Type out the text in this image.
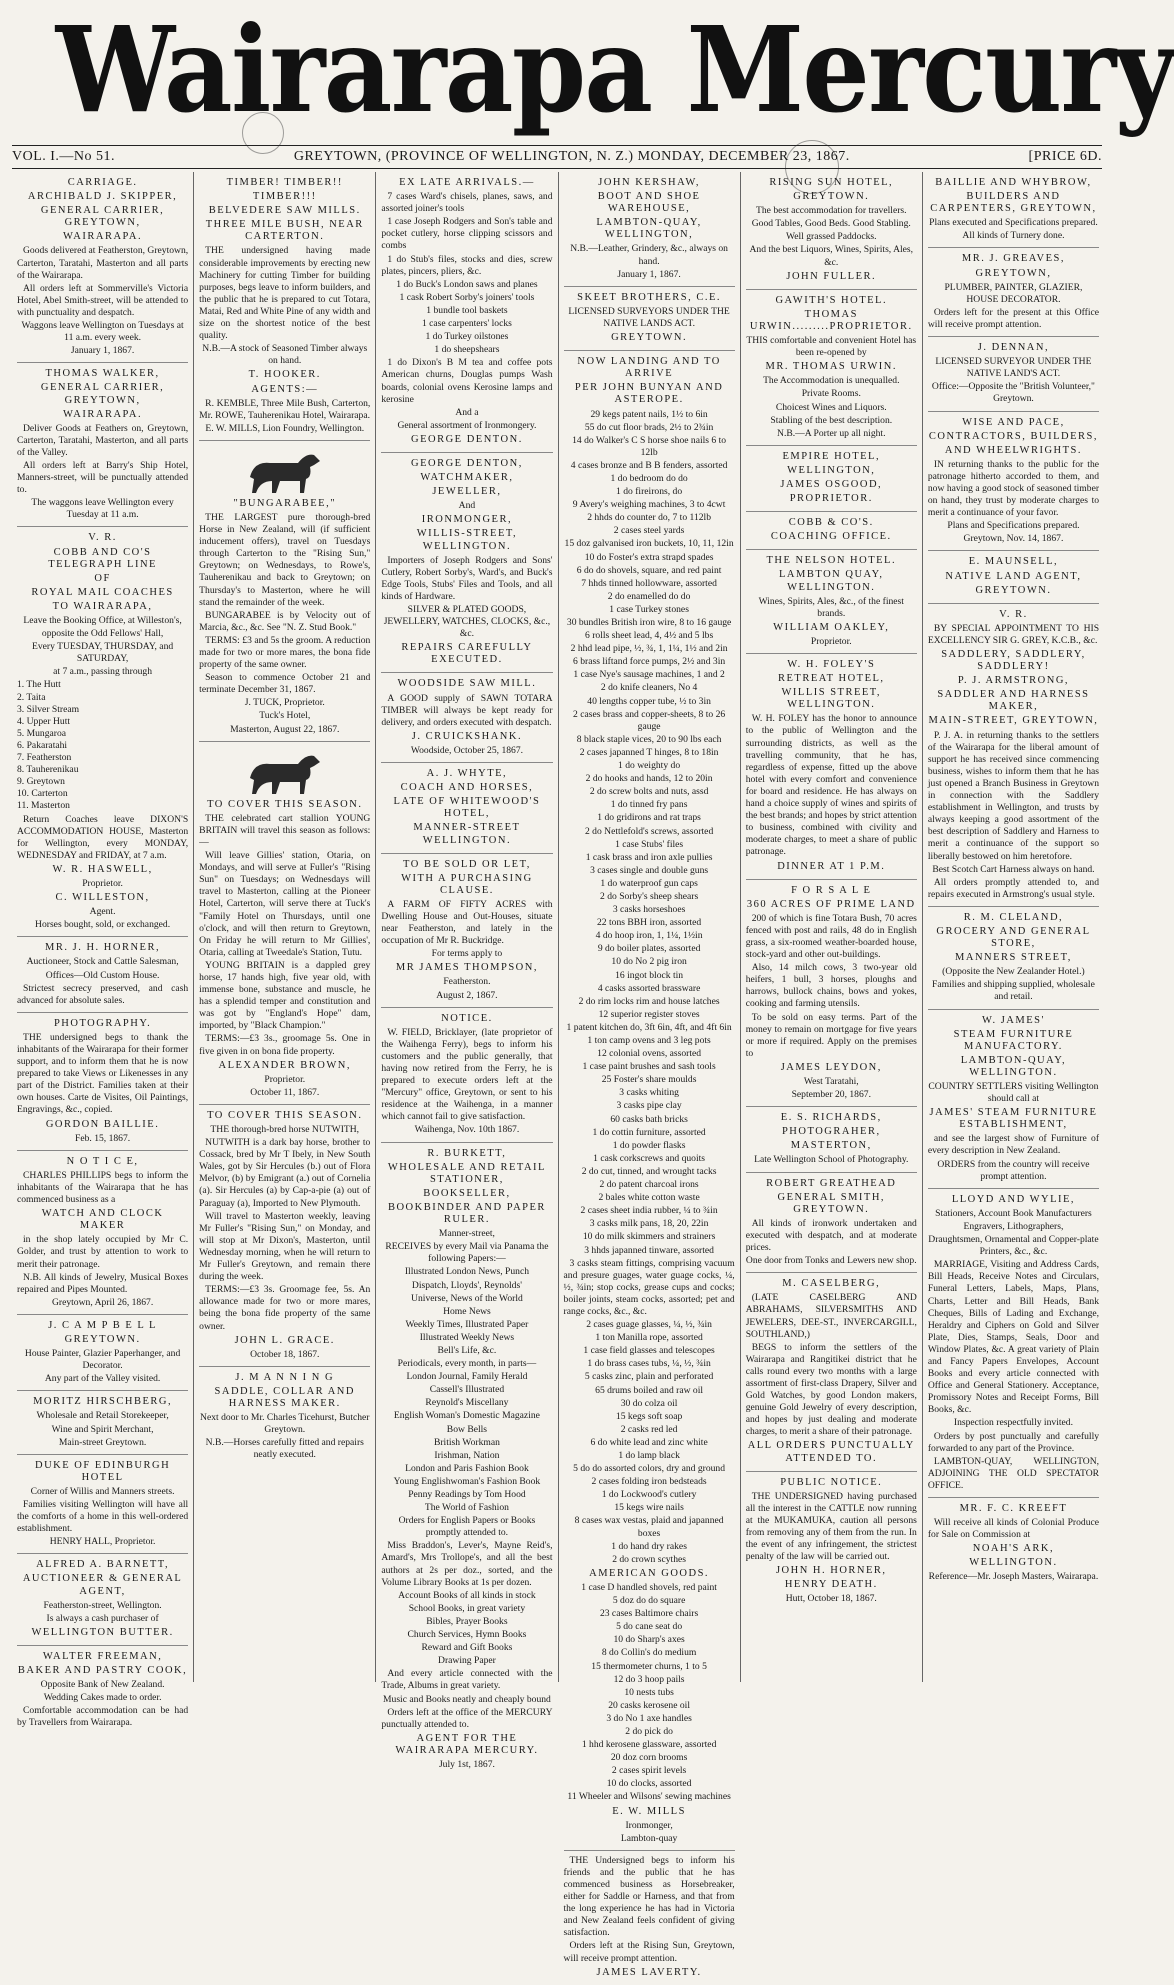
Wairarapa Mercury
VOL. I.—No 51.	GREYTOWN, (PROVINCE OF WELLINGTON, N. Z.) MONDAY, DECEMBER 23, 1867.	[PRICE 6D.
CARRIAGE.
ARCHIBALD J. SKIPPER,
GENERAL CARRIER, GREYTOWN,
WAIRARAPA.
Goods delivered at Featherston, Greytown, Carterton, Taratahi, Masterton and all parts of the Wairarapa.
All orders left at Sommerville's Victoria Hotel, Abel Smith-street, will be attended to with punctuality and despatch.
Waggons leave Wellington on Tuesdays at 11 a.m. every week.
January 1, 1867.
THOMAS WALKER,
GENERAL CARRIER, GREYTOWN,
WAIRARAPA.
Deliver Goods at Feathers on, Greytown, Carterton, Taratahi, Masterton, and all parts of the Valley.
All orders left at Barry's Ship Hotel, Manners-street, will be punctually attended to.
The waggons leave Wellington every Tuesday at 11 a.m.
V. R.
COBB AND CO'S TELEGRAPH LINE
OF
ROYAL MAIL COACHES
TO WAIRARAPA,
Leave the Booking Office, at Willeston's,
opposite the Odd Fellows' Hall,
Every TUESDAY, THURSDAY, and SATURDAY,
at 7 a.m., passing through
1. The Hutt
2. Taita
3. Silver Stream
4. Upper Hutt
5. Mungaroa
6. Pakaratahi
7. Featherston
8. Tauherenikau
9. Greytown
10. Carterton
11. Masterton
Return Coaches leave DIXON'S ACCOMMODATION HOUSE, Masterton for Wellington, every MONDAY, WEDNESDAY and FRIDAY, at 7 a.m.
W. R. HASWELL,
Proprietor.
C. WILLESTON,
Agent.
Horses bought, sold, or exchanged.
MR. J. H. HORNER,
Auctioneer, Stock and Cattle Salesman,
Offices—Old Custom House.
Strictest secrecy preserved, and cash advanced for absolute sales.
PHOTOGRAPHY.
THE undersigned begs to thank the inhabitants of the Wairarapa for their former support, and to inform them that he is now prepared to take Views or Likenesses in any part of the District. Families taken at their own houses. Carte de Visites, Oil Paintings, Engravings, &c., copied.
GORDON BAILLIE.
Feb. 15, 1867.
N O T I C E,
CHARLES PHILLIPS begs to inform the inhabitants of the Wairarapa that he has commenced business as a
WATCH AND CLOCK MAKER
in the shop lately occupied by Mr C. Golder, and trust by attention to work to merit their patronage.
N.B. All kinds of Jewelry, Musical Boxes repaired and Pipes Mounted.
Greytown, April 26, 1867.
J. C A M P B E L L
GREYTOWN.
House Painter, Glazier Paperhanger, and Decorator.
Any part of the Valley visited.
MORITZ HIRSCHBERG,
Wholesale and Retail Storekeeper,
Wine and Spirit Merchant,
Main-street Greytown.
DUKE OF EDINBURGH HOTEL
Corner of Willis and Manners streets.
Families visiting Wellington will have all the comforts of a home in this well-ordered establishment.
HENRY HALL, Proprietor.
ALFRED A. BARNETT,
AUCTIONEER & GENERAL AGENT,
Featherston-street, Wellington.
Is always a cash purchaser of
WELLINGTON BUTTER.
WALTER FREEMAN,
BAKER AND PASTRY COOK,
Opposite Bank of New Zealand.
Wedding Cakes made to order.
Comfortable accommodation can be had by Travellers from Wairarapa.
TIMBER! TIMBER!!
TIMBER!!!
BELVEDERE SAW MILLS.
THREE MILE BUSH, NEAR CARTERTON.
THE undersigned having made considerable improvements by erecting new Machinery for cutting Timber for building purposes, begs leave to inform builders, and the public that he is prepared to cut Totara, Matai, Red and White Pine of any width and size on the shortest notice of the best quality.
N.B.—A stock of Seasoned Timber always on hand.
T. HOOKER.
AGENTS:—
R. KEMBLE, Three Mile Bush, Carterton, Mr. ROWE, Tauherenikau Hotel, Wairarapa.
E. W. MILLS, Lion Foundry, Wellington.
"BUNGARABEE,"
THE LARGEST pure thorough-bred Horse in New Zealand, will (if sufficient inducement offers), travel on Tuesdays through Carterton to the "Rising Sun," Greytown; on Wednesdays, to Rowe's, Tauherenikau and back to Greytown; on Thursday's to Masterton, where he will stand the remainder of the week.
BUNGARABEE is by Velocity out of Marcia, &c., &c. See "N. Z. Stud Book."
TERMS: £3 and 5s the groom. A reduction made for two or more mares, the bona fide property of the same owner.
Season to commence October 21 and terminate December 31, 1867.
J. TUCK, Proprietor.
Tuck's Hotel,
Masterton, August 22, 1867.
TO COVER THIS SEASON.
THE celebrated cart stallion YOUNG BRITAIN will travel this season as follows:—
Will leave Gillies' station, Otaria, on Mondays, and will serve at Fuller's "Rising Sun" on Tuesdays; on Wednesdays will travel to Masterton, calling at the Pioneer Hotel, Carterton, will serve there at Tuck's "Family Hotel on Thursdays, until one o'clock, and will then return to Greytown, On Friday he will return to Mr Gillies', Otaria, calling at Tweedale's Station, Tutu.
YOUNG BRITAIN is a dappled grey horse, 17 hands high, five year old, with immense bone, substance and muscle, he has a splendid temper and constitution and was got by "England's Hope" dam, imported, by "Black Champion."
TERMS:—£3 3s., groomage 5s. One in five given in on bona fide property.
ALEXANDER BROWN,
Proprietor.
October 11, 1867.
TO COVER THIS SEASON.
THE thorough-bred horse NUTWITH,
NUTWITH is a dark bay horse, brother to Cossack, bred by Mr T Ibely, in New South Wales, got by Sir Hercules (b.) out of Flora Melvor, (b) by Emigrant (a.) out of Cornelia (a). Sir Hercules (a) by Cap-a-pie (a) out of Paraguay (a), Imported to New Plymouth.
Will travel to Masterton weekly, leaving Mr Fuller's "Rising Sun," on Monday, and will stop at Mr Dixon's, Masterton, until Wednesday morning, when he will return to Mr Fuller's Greytown, and remain there during the week.
TERMS:—£3 3s. Groomage fee, 5s. An allowance made for two or more mares, being the bona fide property of the same owner.
JOHN L. GRACE.
October 18, 1867.
J. M A N N I N G
SADDLE, COLLAR AND HARNESS MAKER.
Next door to Mr. Charles Ticehurst, Butcher Greytown.
N.B.—Horses carefully fitted and repairs neatly executed.
EX LATE ARRIVALS.—
7 cases Ward's chisels, planes, saws, and assorted joiner's tools
1 case Joseph Rodgers and Son's table and pocket cutlery, horse clipping scissors and combs
1 do Stub's files, stocks and dies, screw plates, pincers, pliers, &c.
1 do Buck's London saws and planes
1 cask Robert Sorby's joiners' tools
1 bundle tool baskets
1 case carpenters' locks
1 do Turkey oilstones
1 do sheepshears
1 do Dixon's B M tea and coffee pots American churns, Douglas pumps Wash boards, colonial ovens Kerosine lamps and kerosine
And a
General assortment of Ironmongery.
GEORGE DENTON.
GEORGE DENTON,
WATCHMAKER,
JEWELLER,
And
IRONMONGER,
WILLIS-STREET, WELLINGTON.
Importers of Joseph Rodgers and Sons' Cutlery, Robert Sorby's, Ward's, and Buck's Edge Tools, Stubs' Files and Tools, and all kinds of Hardware.
SILVER & PLATED GOODS, JEWELLERY, WATCHES, CLOCKS, &c., &c.
REPAIRS CAREFULLY EXECUTED.
WOODSIDE SAW MILL.
A GOOD supply of SAWN TOTARA TIMBER will always be kept ready for delivery, and orders executed with despatch.
J. CRUICKSHANK.
Woodside, October 25, 1867.
A. J. WHYTE,
COACH AND HORSES,
LATE OF WHITEWOOD'S HOTEL,
MANNER-STREET WELLINGTON.
TO BE SOLD OR LET,
WITH A PURCHASING CLAUSE.
A FARM OF FIFTY ACRES with Dwelling House and Out-Houses, situate near Featherston, and lately in the occupation of Mr R. Buckridge.
For terms apply to
MR JAMES THOMPSON,
Featherston.
August 2, 1867.
NOTICE.
W. FIELD, Bricklayer, (late proprietor of the Waihenga Ferry), begs to inform his customers and the public generally, that having now retired from the Ferry, he is prepared to execute orders left at the "Mercury" office, Greytown, or sent to his residence at the Waihenga, in a manner which cannot fail to give satisfaction.
Waihenga, Nov. 10th 1867.
R. BURKETT,
WHOLESALE AND RETAIL STATIONER,
BOOKSELLER,
BOOKBINDER AND PAPER RULER.
Manner-street,
RECEIVES by every Mail via Panama the following Papers:—
Illustrated London News, Punch
Dispatch, Lloyds', Reynolds'
Universe, News of the World
Home News
Weekly Times, Illustrated Paper
Illustrated Weekly News
Bell's Life, &c.
Periodicals, every month, in parts—
London Journal, Family Herald
Cassell's Illustrated
Reynold's Miscellany
English Woman's Domestic Magazine
Bow Bells
British Workman
Irishman, Nation
London and Paris Fashion Book
Young Englishwoman's Fashion Book
Penny Readings by Tom Hood
The World of Fashion
Orders for English Papers or Books promptly attended to.
Miss Braddon's, Lever's, Mayne Reid's, Amard's, Mrs Trollope's, and all the best authors at 2s per doz., sorted, and the Volume Library Books at 1s per dozen.
Account Books of all kinds in stock
School Books, in great variety
Bibles, Prayer Books
Church Services, Hymn Books
Reward and Gift Books
Drawing Paper
And every article connected with the Trade, Albums in great variety.
Music and Books neatly and cheaply bound
Orders left at the office of the MERCURY punctually attended to.
AGENT FOR THE WAIRARAPA MERCURY.
July 1st, 1867.
JOHN KERSHAW,
BOOT AND SHOE WAREHOUSE,
LAMBTON-QUAY, WELLINGTON,
N.B.—Leather, Grindery, &c., always on hand.
January 1, 1867.
SKEET BROTHERS, C.E.
LICENSED SURVEYORS UNDER THE NATIVE LANDS ACT.
GREYTOWN.
NOW LANDING AND TO ARRIVE
PER JOHN BUNYAN AND ASTEROPE.
29 kegs patent nails, 1½ to 6in
55 do cut floor brads, 2½ to 2¾in
14 do Walker's C S horse shoe nails 6 to 12lb
4 cases bronze and B B fenders, assorted
1 do bedroom do do
1 do fireirons, do
9 Avery's weighing machines, 3 to 4cwt
2 hhds do counter do, 7 to 112lb
2 cases steel yards
15 doz galvanised iron buckets, 10, 11, 12in
10 do Foster's extra strapd spades
6 do do shovels, square, and red paint
7 hhds tinned hollowware, assorted
2 do enamelled do do
1 case Turkey stones
30 bundles British iron wire, 8 to 16 gauge
6 rolls sheet lead, 4, 4½ and 5 lbs
2 hhd lead pipe, ½, ¾, 1, 1¼, 1½ and 2in
6 brass liftand force pumps, 2½ and 3in
1 case Nye's sausage machines, 1 and 2
2 do knife cleaners, No 4
40 lengths copper tube, ½ to 3in
2 cases brass and copper-sheets, 8 to 26 gauge
8 black staple vices, 20 to 90 lbs each
2 cases japanned T hinges, 8 to 18in
1 do weighty do
2 do hooks and hands, 12 to 20in
2 do screw bolts and nuts, assd
1 do tinned fry pans
1 do gridirons and rat traps
2 do Nettlefold's screws, assorted
1 case Stubs' files
1 cask brass and iron axle pullies
3 cases single and double guns
1 do waterproof gun caps
2 do Sorby's sheep shears
3 casks horseshoes
22 tons BBH iron, assorted
4 do hoop iron, 1, 1¼, 1½in
9 do boiler plates, assorted
10 do No 2 pig iron
16 ingot block tin
4 casks assorted brassware
2 do rim locks rim and house latches
12 superior register stoves
1 patent kitchen do, 3ft 6in, 4ft, and 4ft 6in
1 ton camp ovens and 3 leg pots
12 colonial ovens, assorted
1 case paint brushes and sash tools
25 Foster's share moulds
3 casks whiting
3 casks pipe clay
60 casks bath bricks
1 do cottin furniture, assorted
1 do powder flasks
1 cask corkscrews and quoits
2 do cut, tinned, and wrought tacks
2 do patent charcoal irons
2 bales white cotton waste
2 cases sheet india rubber, ¼ to ¾in
3 casks milk pans, 18, 20, 22in
10 do milk skimmers and strainers
3 hhds japanned tinware, assorted
3 casks steam fittings, comprising vacuum and presure guages, water guage cocks, ¼, ½, ¾in; stop cocks, grease cups and cocks; boiler joints, steam cocks, assorted; pet and range cocks, &c., &c.
2 cases guage glasses, ¼, ½, ¾in
1 ton Manilla rope, assorted
1 case field glasses and telescopes
1 do brass cases tubs, ¼, ½, ¾in
5 casks zinc, plain and perforated
65 drums boiled and raw oil
30 do colza oil
15 kegs soft soap
2 casks red led
6 do white lead and zinc white
1 do lamp black
5 do do assorted colors, dry and ground
2 cases folding iron bedsteads
1 do Lockwood's cutlery
15 kegs wire nails
8 cases wax vestas, plaid and japanned boxes
1 do hand dry rakes
2 do crown scythes
AMERICAN GOODS.
1 case D handled shovels, red paint
5 doz do do square
23 cases Baltimore chairs
5 do cane seat do
10 do Sharp's axes
8 do Collin's do medium
15 thermometer churns, 1 to 5
12 do 3 hoop pails
10 nests tubs
20 casks kerosene oil
3 do No 1 axe handles
2 do pick do
1 hhd kerosene glassware, assorted
20 doz corn brooms
2 cases spirit levels
10 do clocks, assorted
11 Wheeler and Wilsons' sewing machines
E. W. MILLS
Ironmonger,
Lambton-quay
THE Undersigned begs to inform his friends and the public that he has commenced business as Horsebreaker, either for Saddle or Harness, and that from the long experience he has had in Victoria and New Zealand feels confident of giving satisfaction.
Orders left at the Rising Sun, Greytown, will receive prompt attention.
JAMES LAVERTY.
RISING SUN HOTEL,
GREYTOWN.
The best accommodation for travellers.
Good Tables, Good Beds. Good Stabling.
Well grassed Paddocks.
And the best Liquors, Wines, Spirits, Ales, &c.
JOHN FULLER.
GAWITH'S HOTEL.
THOMAS URWIN.........PROPRIETOR.
THIS comfortable and convenient Hotel has been re-opened by
MR. THOMAS URWIN.
The Accommodation is unequalled.
Private Rooms.
Choicest Wines and Liquors.
Stabling of the best description.
N.B.—A Porter up all night.
EMPIRE HOTEL,
WELLINGTON,
JAMES OSGOOD,
PROPRIETOR.
COBB & CO'S.
COACHING OFFICE.
THE NELSON HOTEL.
LAMBTON QUAY, WELLINGTON.
Wines, Spirits, Ales, &c., of the finest brands.
WILLIAM OAKLEY,
Proprietor.
W. H. FOLEY'S
RETREAT HOTEL,
WILLIS STREET, WELLINGTON.
W. H. FOLEY has the honor to announce to the public of Wellington and the surrounding districts, as well as the travelling community, that he has, regardless of expense, fitted up the above hotel with every comfort and convenience for board and residence. He has always on hand a choice supply of wines and spirits of the best brands; and hopes by strict attention to business, combined with civility and moderate charges, to meet a share of public patronage.
DINNER AT 1 P.M.
F O R S A L E
360 ACRES OF PRIME LAND
200 of which is fine Totara Bush, 70 acres fenced with post and rails, 48 do in English grass, a six-roomed weather-boarded house, stock-yard and other out-buildings.
Also, 14 milch cows, 3 two-year old heifers, 1 bull, 3 horses, ploughs and harrows, bullock chains, bows and yokes, cooking and farming utensils.
To be sold on easy terms. Part of the money to remain on mortgage for five years or more if required. Apply on the premises to
JAMES LEYDON,
West Taratahi,
September 20, 1867.
E. S. RICHARDS,
PHOTOGRAHER,
MASTERTON,
Late Wellington School of Photography.
ROBERT GREATHEAD
GENERAL SMITH, GREYTOWN.
All kinds of ironwork undertaken and executed with despatch, and at moderate prices.
One door from Tonks and Lewers new shop.
M. CASELBERG,
(LATE CASELBERG AND ABRAHAMS, SILVERSMITHS AND JEWELERS, DEE-ST., INVERCARGILL, SOUTHLAND,)
BEGS to inform the settlers of the Wairarapa and Rangitikei district that he calls round every two months with a large assortment of first-class Drapery, Silver and Gold Watches, by good London makers, genuine Gold Jewelry of every description, and hopes by just dealing and moderate charges, to merit a share of their patronage.
ALL ORDERS PUNCTUALLY ATTENDED TO.
PUBLIC NOTICE.
THE UNDERSIGNED having purchased all the interest in the CATTLE now running at the MUKAMUKA, caution all persons from removing any of them from the run. In the event of any infringement, the strictest penalty of the law will be carried out.
JOHN H. HORNER,
HENRY DEATH.
Hutt, October 18, 1867.
BAILLIE AND WHYBROW,
BUILDERS AND CARPENTERS, GREYTOWN,
Plans executed and Specifications prepared.
All kinds of Turnery done.
MR. J. GREAVES,
GREYTOWN,
PLUMBER, PAINTER, GLAZIER, HOUSE DECORATOR.
Orders left for the present at this Office will receive prompt attention.
J. DENNAN,
LICENSED SURVEYOR UNDER THE NATIVE LAND'S ACT.
Office:—Opposite the "British Volunteer," Greytown.
WISE AND PACE,
CONTRACTORS, BUILDERS,
AND WHEELWRIGHTS.
IN returning thanks to the public for the patronage hitherto accorded to them, and now having a good stock of seasoned timber on hand, they trust by moderate charges to merit a continuance of your favor.
Plans and Specifications prepared.
Greytown, Nov. 14, 1867.
E. MAUNSELL,
NATIVE LAND AGENT,
GREYTOWN.
V. R.
BY SPECIAL APPOINTMENT TO HIS EXCELLENCY SIR G. GREY, K.C.B., &c.
SADDLERY, SADDLERY, SADDLERY!
P. J. ARMSTRONG,
SADDLER AND HARNESS MAKER,
MAIN-STREET, GREYTOWN,
P. J. A. in returning thanks to the settlers of the Wairarapa for the liberal amount of support he has received since commencing business, wishes to inform them that he has just opened a Branch Business in Greytown in connection with the Saddlery establishment in Wellington, and trusts by always keeping a good assortment of the best description of Saddlery and Harness to merit a continuance of the support so liberally bestowed on him heretofore.
Best Scotch Cart Harness always on hand.
All orders promptly attended to, and repairs executed in Armstrong's usual style.
R. M. CLELAND,
GROCERY AND GENERAL STORE,
MANNERS STREET,
(Opposite the New Zealander Hotel.)
Families and shipping supplied, wholesale and retail.
W. JAMES'
STEAM FURNITURE MANUFACTORY.
LAMBTON-QUAY, WELLINGTON.
COUNTRY SETTLERS visiting Wellington should call at
JAMES' STEAM FURNITURE ESTABLISHMENT,
and see the largest show of Furniture of every description in New Zealand.
ORDERS from the country will receive prompt attention.
LLOYD AND WYLIE,
Stationers, Account Book Manufacturers
Engravers, Lithographers,
Draughtsmen, Ornamental and Copper-plate Printers, &c., &c.
MARRIAGE, Visiting and Address Cards, Bill Heads, Receive Notes and Circulars, Funeral Letters, Labels, Maps, Plans, Charts, Letter and Bill Heads, Bank Cheques, Bills of Lading and Exchange, Heraldry and Ciphers on Gold and Silver Plate, Dies, Stamps, Seals, Door and Window Plates, &c. A great variety of Plain and Fancy Papers Envelopes, Account Books and every article connected with Office and General Stationery. Acceptance, Promissory Notes and Receipt Forms, Bill Books, &c.
Inspection respectfully invited.
Orders by post punctually and carefully forwarded to any part of the Province.
LAMBTON-QUAY, WELLINGTON, ADJOINING THE OLD SPECTATOR OFFICE.
MR. F. C. KREEFT
Will receive all kinds of Colonial Produce for Sale on Commission at
NOAH'S ARK,
WELLINGTON.
Reference—Mr. Joseph Masters, Wairarapa.
